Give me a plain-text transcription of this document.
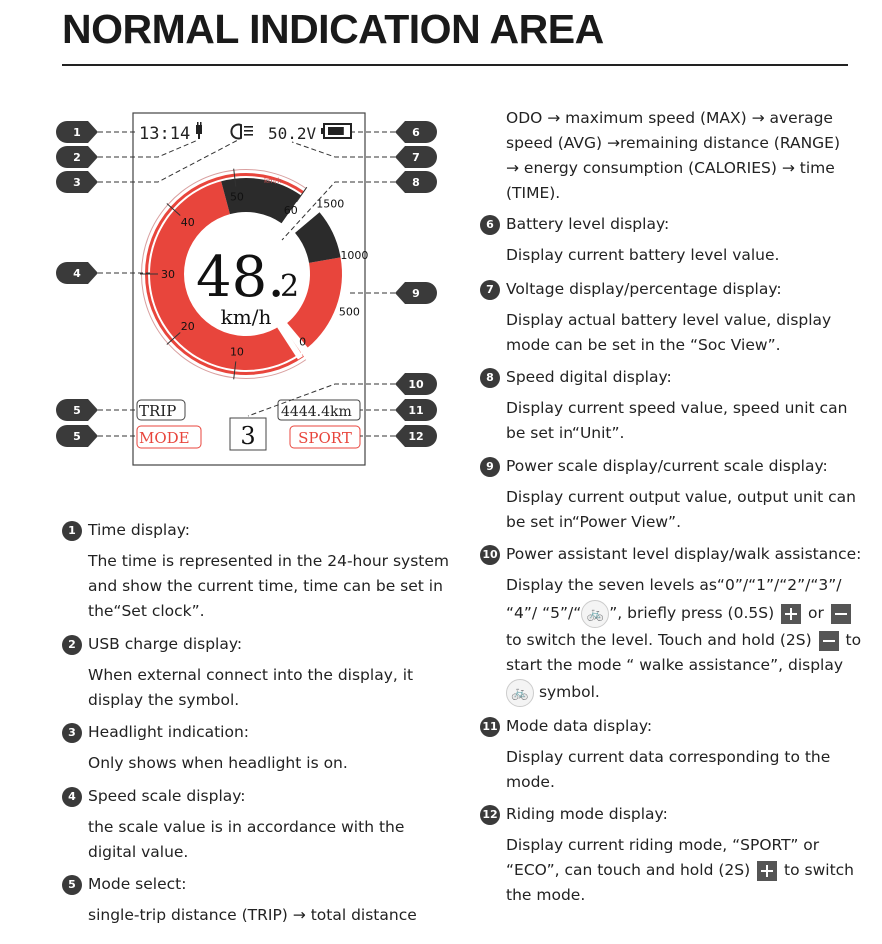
NORMAL INDICATION AREA
13:14	50.2V
10
20
30
40
50
60
km/h
1500
1000
500
0
48.
2
km/h
TRIP
MODE 3
4444.4km
SPORT
1
2
3
4
5
5
6
7
8
9
10
11
12
1 Time display:

The time is represented in the 24-hour system

and show the current time, time can be set in

the“Set clock”.

2 USB charge display:

When external connect into the display, it

display the symbol.

3 Headlight indication:

Only shows when headlight is on.

4 Speed scale display:

the scale value is in accordance with the

digital value.

5 Mode select:

single-trip distance (TRIP) → total distance

ODO → maximum speed (MAX) → average

speed (AVG) →remaining distance (RANGE)

→ energy consumption (CALORIES) → time

(TIME).

6 Battery level display:

Display current battery level value.

7 Voltage display/percentage display:

Display actual battery level value, display

mode can be set in the “Soc View”.

8 Speed digital display:

Display current speed value, speed unit can

be set in“Unit”.

9 Power scale display/current scale display:

Display current output value, output unit can

be set in“Power View”.

10 Power assistant level display/walk assistance:

Display the seven levels as“0”/“1”/“2”/“3”/

“4”/ “5”/“ 🚲 ”, briefly press (0.5S) or

to switch the level. Touch and hold (2S) to

start the mode “ walke assistance”, display

🚲 symbol.

11 Mode data display:

Display current data corresponding to the

mode.

12 Riding mode display:

Display current riding mode, “SPORT” or

“ECO”, can touch and hold (2S) to switch

the mode.
